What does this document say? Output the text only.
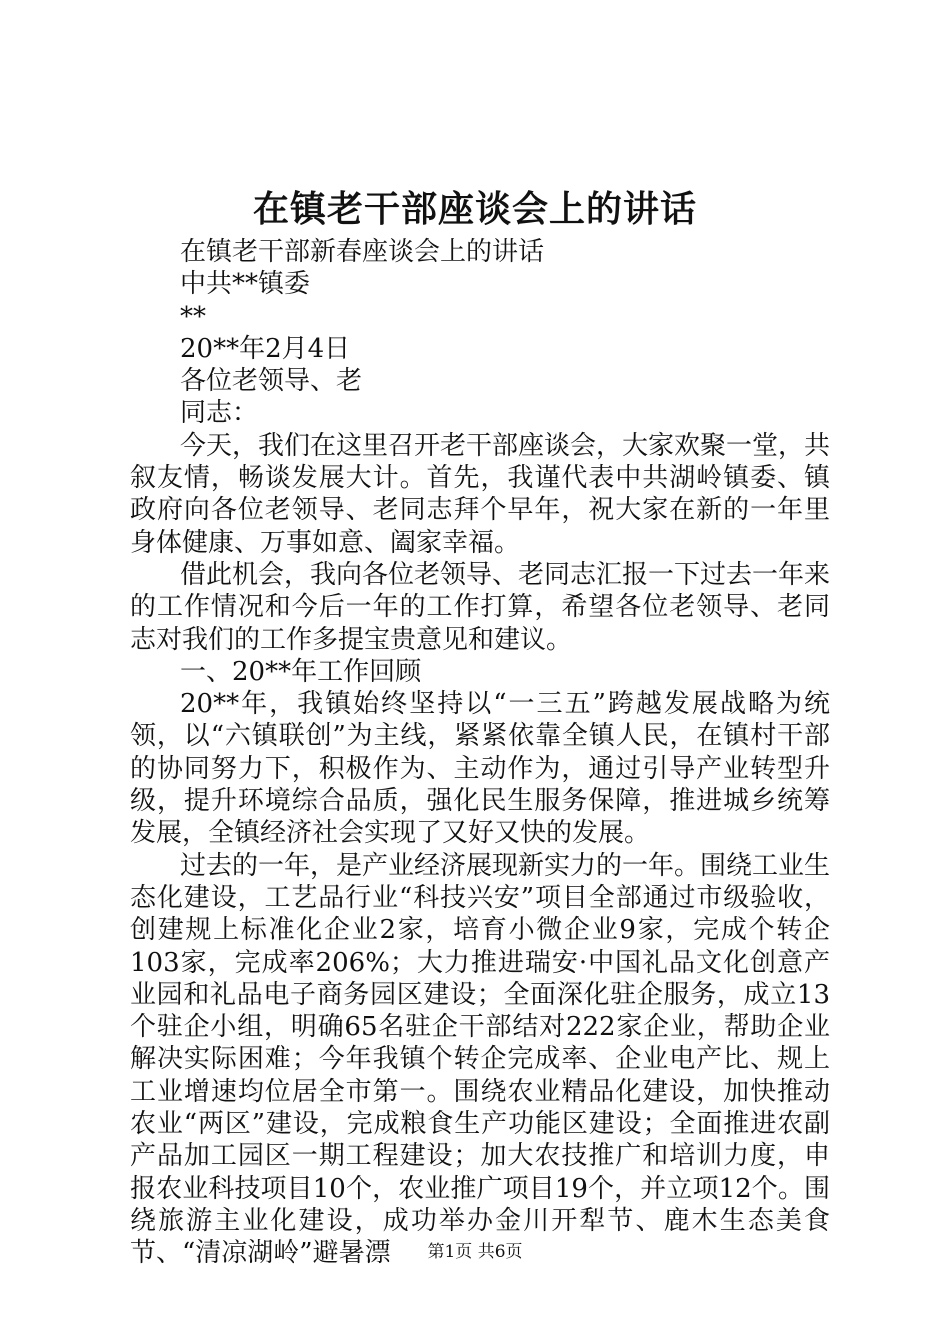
在镇老干部座谈会上的讲话

在镇老干部新春座谈会上的讲话

中共**镇委

**

20**年2月4日

各位老领导、老

同志：

今天，我们在这里召开老干部座谈会，大家欢聚一堂，共叙友情，畅谈发展大计。首先，我谨代表中共湖岭镇委、镇政府向各位老领导、老同志拜个早年，祝大家在新的一年里身体健康、万事如意、阖家幸福。

借此机会，我向各位老领导、老同志汇报一下过去一年来的工作情况和今后一年的工作打算，希望各位老领导、老同志对我们的工作多提宝贵意见和建议。

一、20**年工作回顾

20**年，我镇始终坚持以“一三五”跨越发展战略为统领，以“六镇联创”为主线，紧紧依靠全镇人民，在镇村干部的协同努力下，积极作为、主动作为，通过引导产业转型升级，提升环境综合品质，强化民生服务保障，推进城乡统筹发展，全镇经济社会实现了又好又快的发展。

过去的一年，是产业经济展现新实力的一年。围绕工业生态化建设，工艺品行业“科技兴安”项目全部通过市级验收，创建规上标准化企业2家，培育小微企业9家，完成个转企103家，完成率206%；大力推进瑞安·中国礼品文化创意产业园和礼品电子商务园区建设；全面深化驻企服务，成立13个驻企小组，明确65名驻企干部结对222家企业，帮助企业解决实际困难；今年我镇个转企完成率、企业电产比、规上工业增速均位居全市第一。围绕农业精品化建设，加快推动农业“两区”建设，完成粮食生产功能区建设；全面推进农副产品加工园区一期工程建设；加大农技推广和培训力度，申报农业科技项目10个，农业推广项目19个，并立项12个。围绕旅游主业化建设，成功举办金川开犁节、鹿木生态美食节、“清凉湖岭”避暑漂	第1页 共6页
